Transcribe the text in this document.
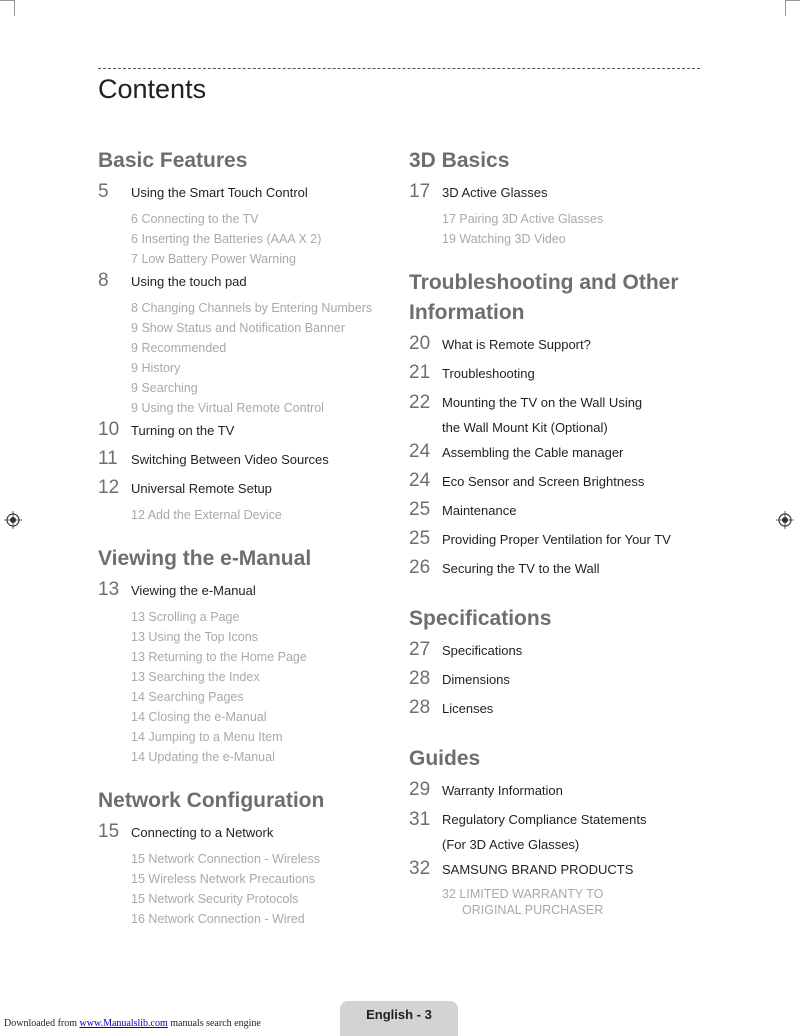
Contents
Basic Features
5	Using the Smart Touch Control
6 Connecting to the TV
6 Inserting the Batteries (AAA X 2)
7 Low Battery Power Warning
8	Using the touch pad
8 Changing Channels by Entering Numbers
9 Show Status and Notification Banner
9 Recommended
9 History
9 Searching
9 Using the Virtual Remote Control
10 Turning on the TV
11	Switching Between Video Sources
12 Universal Remote Setup
12 Add the External Device
Viewing the e-Manual
13 Viewing the e-Manual
13 Scrolling a Page
13 Using the Top Icons
13 Returning to the Home Page
13 Searching the Index
14 Searching Pages
14 Closing the e-Manual
14 Jumping to a Menu Item
14 Updating the e-Manual
Network Configuration
15 Connecting to a Network
15 Network Connection - Wireless
15 Wireless Network Precautions
15 Network Security Protocols
16 Network Connection - Wired
3D Basics
17 3D Active Glasses
17 Pairing 3D Active Glasses
19 Watching 3D Video
Troubleshooting and Other Information
20 What is Remote Support?
21 Troubleshooting
22 Mounting the TV on the Wall Using
the Wall Mount Kit (Optional)
24 Assembling the Cable manager
24 Eco Sensor and Screen Brightness
25 Maintenance
25 Providing Proper Ventilation for Your TV
26 Securing the TV to the Wall
Specifications
27 Specifications
28 Dimensions
28 Licenses
Guides
29 Warranty Information
31 Regulatory Compliance Statements
(For 3D Active Glasses)
32 SAMSUNG BRAND PRODUCTS
32 LIMITED WARRANTY TO
ORIGINAL PURCHASER
English - 3
Downloaded from www.Manualslib.com manuals search engine
